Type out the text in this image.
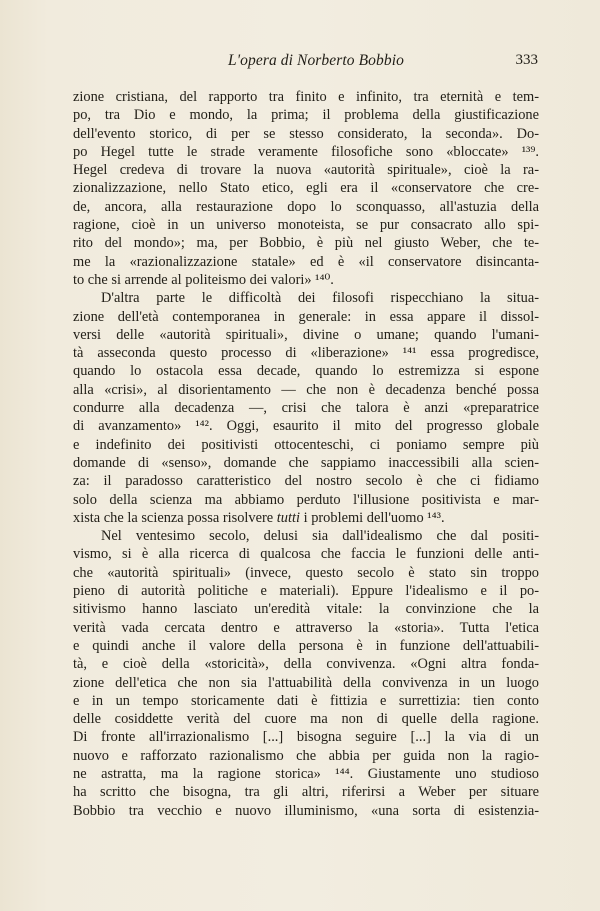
L'opera di Norberto Bobbio	333
zione cristiana, del rapporto tra finito e infinito, tra eternità e tem-
po, tra Dio e mondo, la prima; il problema della giustificazione
dell'evento storico, di per se stesso considerato, la seconda». Do-
po Hegel tutte le strade veramente filosofiche sono «bloccate» ¹³⁹.
Hegel credeva di trovare la nuova «autorità spirituale», cioè la ra-
zionalizzazione, nello Stato etico, egli era il «conservatore che cre-
de, ancora, alla restaurazione dopo lo sconquasso, all'astuzia della
ragione, cioè in un universo monoteista, se pur consacrato allo spi-
rito del mondo»; ma, per Bobbio, è più nel giusto Weber, che te-
me la «razionalizzazione statale» ed è «il conservatore disincanta-
to che si arrende al politeismo dei valori» ¹⁴⁰.
D'altra parte le difficoltà dei filosofi rispecchiano la situa-
zione dell'età contemporanea in generale: in essa appare il dissol-
versi delle «autorità spirituali», divine o umane; quando l'umani-
tà asseconda questo processo di «liberazione» ¹⁴¹ essa progredisce,
quando lo ostacola essa decade, quando lo estremizza si espone
alla «crisi», al disorientamento — che non è decadenza benché possa
condurre alla decadenza —, crisi che talora è anzi «preparatrice
di avanzamento» ¹⁴². Oggi, esaurito il mito del progresso globale
e indefinito dei positivisti ottocenteschi, ci poniamo sempre più
domande di «senso», domande che sappiamo inaccessibili alla scien-
za: il paradosso caratteristico del nostro secolo è che ci fidiamo
solo della scienza ma abbiamo perduto l'illusione positivista e mar-
xista che la scienza possa risolvere tutti i problemi dell'uomo ¹⁴³.
Nel ventesimo secolo, delusi sia dall'idealismo che dal positi-
vismo, si è alla ricerca di qualcosa che faccia le funzioni delle anti-
che «autorità spirituali» (invece, questo secolo è stato sin troppo
pieno di autorità politiche e materiali). Eppure l'idealismo e il po-
sitivismo hanno lasciato un'eredità vitale: la convinzione che la
verità vada cercata dentro e attraverso la «storia». Tutta l'etica
e quindi anche il valore della persona è in funzione dell'attuabili-
tà, e cioè della «storicità», della convivenza. «Ogni altra fonda-
zione dell'etica che non sia l'attuabilità della convivenza in un luogo
e in un tempo storicamente dati è fittizia e surrettizia: tien conto
delle cosiddette verità del cuore ma non di quelle della ragione.
Di fronte all'irrazionalismo [...] bisogna seguire [...] la via di un
nuovo e rafforzato razionalismo che abbia per guida non la ragio-
ne astratta, ma la ragione storica» ¹⁴⁴. Giustamente uno studioso
ha scritto che bisogna, tra gli altri, riferirsi a Weber per situare
Bobbio tra vecchio e nuovo illuminismo, «una sorta di esistenzia-
